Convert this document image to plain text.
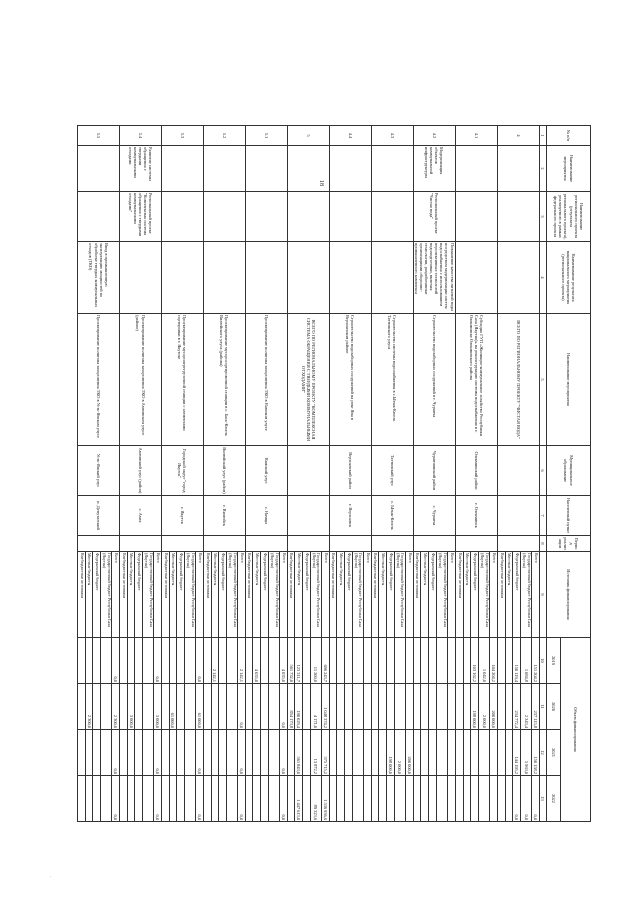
18
.
№ п/п	Наименование мероприятия	Наименование регионального проекта (результата регионального проекта), реализуемого в рамках федерального проекта	Наименование результата национального мероприятия (регионального проекта)	Наименование мероприятия	Муниципальное образование	Населенный пункт	Период реализации	Источник финансирования	Объем финансирования			
									2019	2020	2021	2022
1	2	3	4	5	6	7	8	9	10	11	12	13
4				ВСЕГО ПО РЕГИОНАЛЬНОМУ ПРОЕКТУ "ЧИСТАЯ ВОДА"				Всего	151 204,2	237 115,8	150 158,2	0,0
								Государственный бюджет Республики Саха (Якутия)	1 084,8	2 343,4	5 963,0	0,0
								Федеральный бюджет	150 119,4	234 772,4	144 195,2	0,0
								Местные бюджеты				
								Внебюджетные источники				
4.1				Субсидия ГУП «Жилищно-коммунальное хозяйство Республики Саха (Якутия)» на реконструкцию системы водоснабжения в г. Олекминске Олекминского района	Олекминский район	г. Олекминск		Всего	104 204,2	200 000,0		
								Государственный бюджет Республики Саха (Якутия)	1 042,0	2 000,0		
								Федеральный бюджет	103 162,2	198 000,0		
								Местные бюджеты				
								Внебюджетные источники				
4.2	Модернизация объектов коммунальной инфраструктуры	Региональный проект "Чистая вода"	Повышение качества питьевой воды посредством модернизации систем водоснабжения с использованием перспективных технологий водоподготовки, включая технологии, разработанные организациями оборонно-промышленного комплекса	Строительство водозаборных сооружений в г. Чурапча	Чурапчинский район	с. Чурапча		Всего				
								Государственный бюджет Республики Саха (Якутия)				
								Федеральный бюджет				
								Местные бюджеты				
								Внебюджетные источники				
4.3				Строительство системы водоснабжения в с.Ытык-Кюель Таттинского улуса	Таттинский улус	с. Ытык-Кюель		Всего			200 000,0	
								Государственный бюджет Республики Саха (Якутия)			2 000,0	
								Федеральный бюджет			198 000,0	
								Местные бюджеты				
								Внебюджетные источники				
4.4				Строительство водозаборных сооружений на реке Яна в Верхоянском районе	Верхоянский район	г. Верхоянск		Всего				
								Государственный бюджет Республики Саха (Якутия)				
								Федеральный бюджет				
								Местные бюджеты				
								Внебюджетные источники				
5				ВСЕГО ПО РЕГИОНАЛЬНОМУ ПРОЕКТУ "КОМПЛЕКСНАЯ СИСТЕМА ОБРАЩЕНИЯ С ТВЕРДЫМИ КОММУНАЛЬНЫМИ ОТХОДАМИ"				Всего	696 243,7	1 048 374,2	575 715,2	1 536 936,6
								Государственный бюджет Республики Саха (Якутия)	11 200,0	4 171,0	13 872,2	89 323,6
								Федеральный бюджет				
								Местные бюджеты	123 311,7	190 029,4	561 843,0	1 447 613,0
								Внебюджетные источники	561 732,0	854 173,8		
5.1				Проектирование полигона захоронения ТКО в Намском улусе	Намский улус	с. Намцы		Всего	4 035,0	0,0	0,0	0,0
								Государственный бюджет Республики Саха (Якутия)				
								Федеральный бюджет				
								Местные бюджеты	4 035,0			
								Внебюджетные источники				
5.2				Проектирование мусоросортировочной станции в с. Бясь-Кюель Вилюйского улуса (района)	Вилюйский улус (район)	г. Вилюйск		Всего	2 142,1	0,0	0,0	0,0
								Государственный бюджет Республики Саха (Якутия)				
								Федеральный бюджет				
								Местные бюджеты	2 142,1			
								Внебюджетные источники				
5.3				Проектирование мусороперегрузочной станции с элементами сортировки в г. Якутске	Городской округ "город Якутск"	г. Якутск		Всего	0,0	61 000,0	0,0	0,0
								Государственный бюджет Республики Саха (Якутия)				
								Федеральный бюджет				
								Местные бюджеты		61 000,0		
								Внебюджетные источники				
5.4	Развитие системы обращения с твердыми коммунальными отходами	Региональный проект "Комплексная система обращения с твердыми коммунальными отходами"		Проектирование полигона захоронения ТКО в Амгинском улусе (районе)	Амгинский улус (район)	с. Амга		Всего	0,0	3 000,0	0,0	0,0
								Государственный бюджет Республики Саха (Якутия)				
								Федеральный бюджет				
								Местные бюджеты		3 000,0		
								Внебюджетные источники				
5.5			Ввод в промышленную эксплуатацию мощностей по обработке твердых коммунальных отходов (ТКО)	Проектирование полигона захоронения ТКО в Усть-Янском улусе	Усть-Янский улус	п. Депутатский		Всего	0,0	2 300,0	0,0	0,0
								Государственный бюджет Республики Саха (Якутия)				
								Федеральный бюджет				
								Местные бюджеты		2 300,0		
								Внебюджетные источники				
